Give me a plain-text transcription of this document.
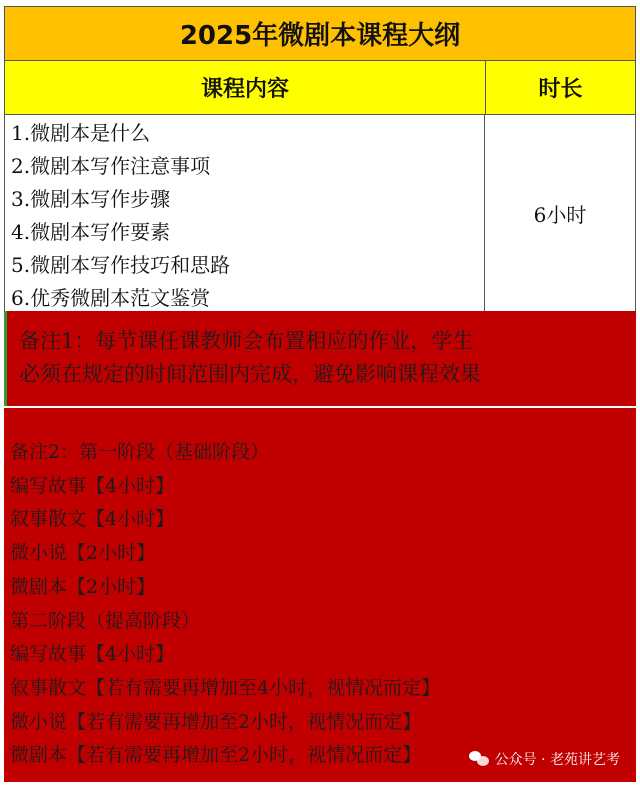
2025年微剧本课程大纲
课程内容	时长
1.微剧本是什么
2.微剧本写作注意事项
3.微剧本写作步骤
4.微剧本写作要素
5.微剧本写作技巧和思路
6.优秀微剧本范文鉴赏
6小时
备注1：每节课任课教师会布置相应的作业，学生
必须在规定的时间范围内完成，避免影响课程效果
备注2：第一阶段（基础阶段）
编写故事【4小时】
叙事散文【4小时】
微小说【2小时】
微剧本【2小时】
第二阶段（提高阶段）
编写故事【4小时】
叙事散文【若有需要再增加至4小时，视情况而定】
微小说【若有需要再增加至2小时，视情况而定】
微剧本【若有需要再增加至2小时，视情况而定】	公众号 · 老苑讲艺考
